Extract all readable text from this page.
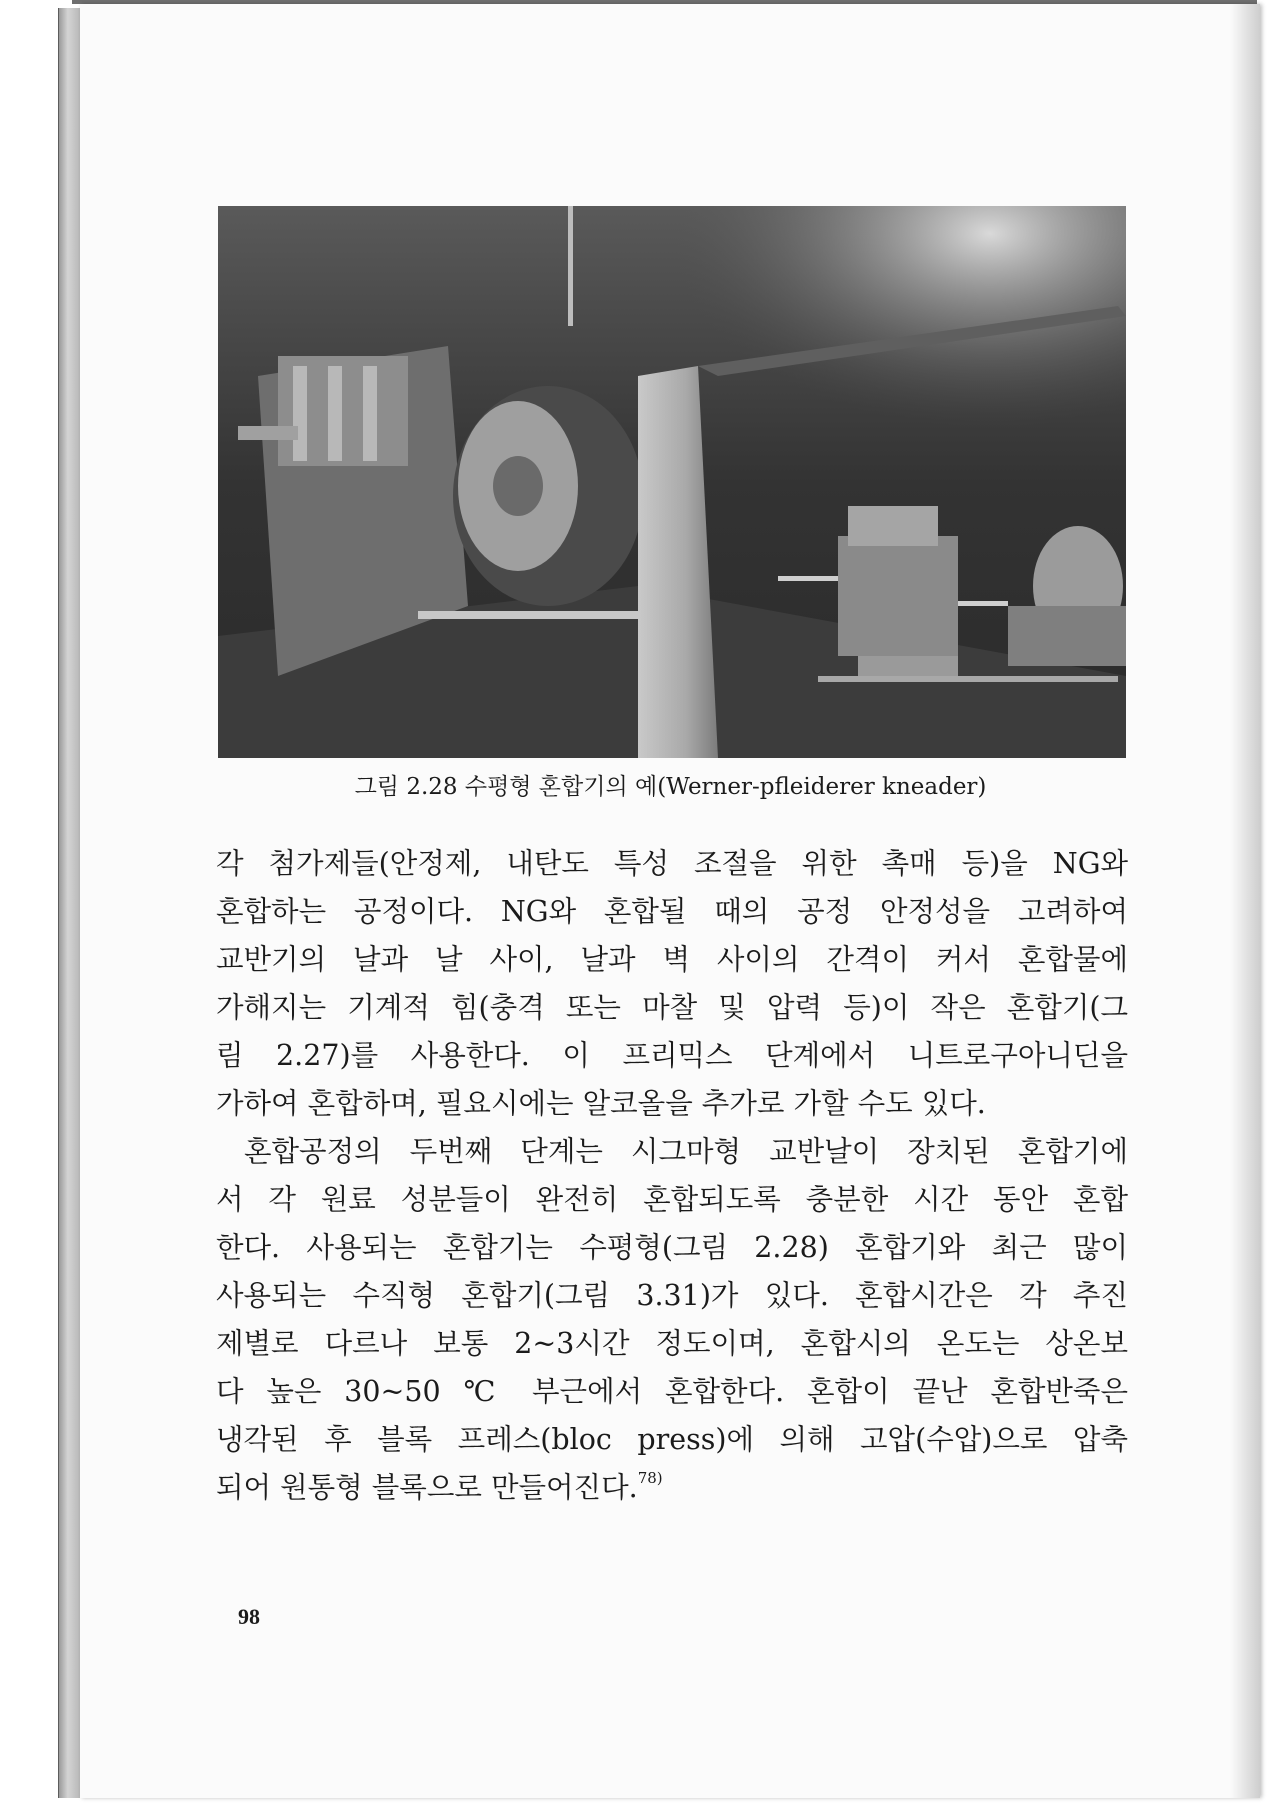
그림 2.28 수평형 혼합기의 예(Werner-pfleiderer kneader)

각 첨가제들(안정제, 내탄도 특성 조절을 위한 촉매 등)을 NG와
혼합하는 공정이다. NG와 혼합될 때의 공정 안정성을 고려하여
교반기의 날과 날 사이, 날과 벽 사이의 간격이 커서 혼합물에
가해지는 기계적 힘(충격 또는 마찰 및 압력 등)이 작은 혼합기(그
림 2.27)를 사용한다. 이 프리믹스 단계에서 니트로구아니딘을
가하여 혼합하며, 필요시에는 알코올을 추가로 가할 수도 있다.

혼합공정의 두번째 단계는 시그마형 교반날이 장치된 혼합기에
서 각 원료 성분들이 완전히 혼합되도록 충분한 시간 동안 혼합
한다. 사용되는 혼합기는 수평형(그림 2.28) 혼합기와 최근 많이
사용되는 수직형 혼합기(그림 3.31)가 있다. 혼합시간은 각 추진
제별로 다르나 보통 2~3시간 정도이며, 혼합시의 온도는 상온보
다 높은 30~50 ℃ 부근에서 혼합한다. 혼합이 끝난 혼합반죽은
냉각된 후 블록 프레스(bloc press)에 의해 고압(수압)으로 압축
되어 원통형 블록으로 만들어진다.$^{78)}$

98
